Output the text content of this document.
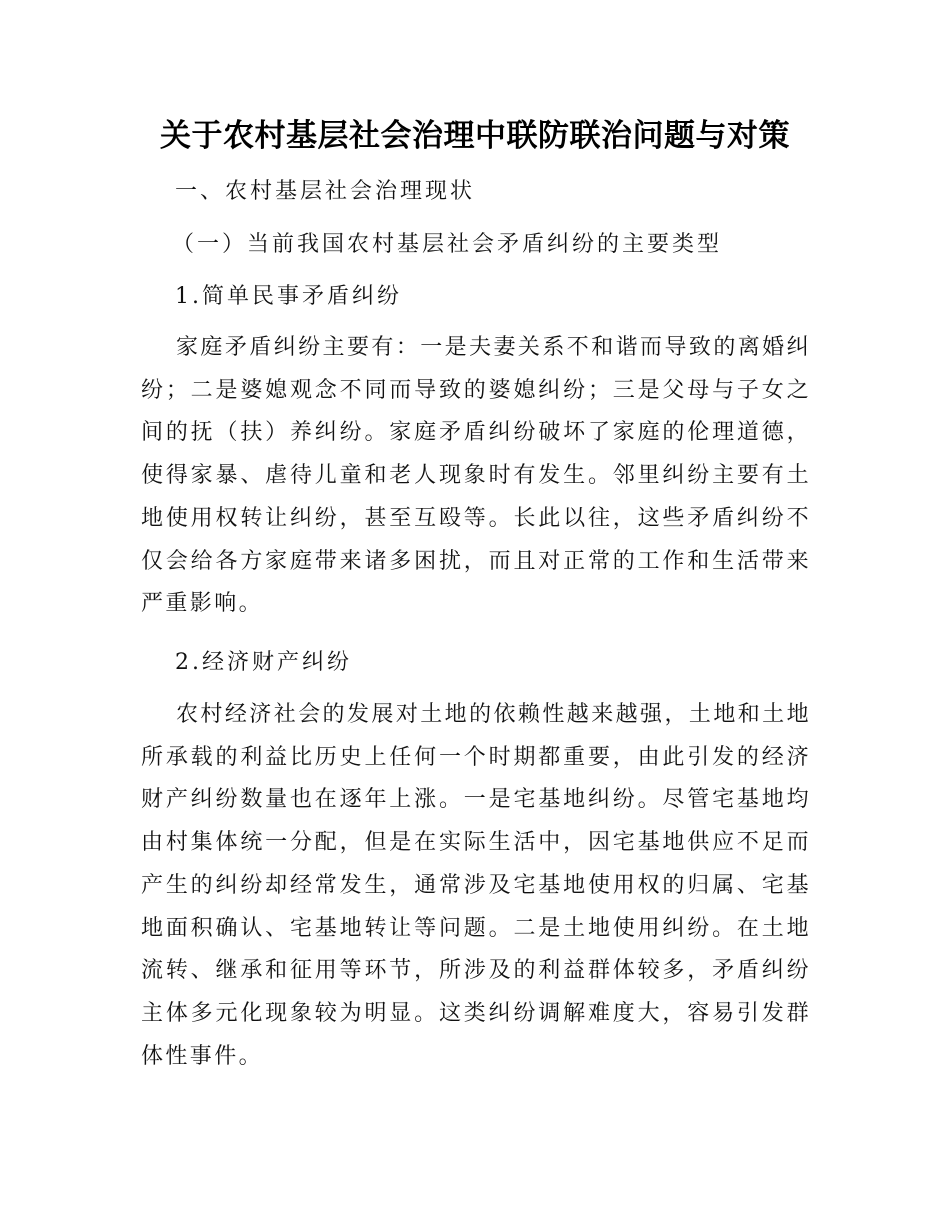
关于农村基层社会治理中联防联治问题与对策

一、农村基层社会治理现状

（一）当前我国农村基层社会矛盾纠纷的主要类型

1.简单民事矛盾纠纷

家庭矛盾纠纷主要有：一是夫妻关系不和谐而导致的离婚纠纷；二是婆媳观念不同而导致的婆媳纠纷；三是父母与子女之间的抚（扶）养纠纷。家庭矛盾纠纷破坏了家庭的伦理道德，使得家暴、虐待儿童和老人现象时有发生。邻里纠纷主要有土地使用权转让纠纷，甚至互殴等。长此以往，这些矛盾纠纷不仅会给各方家庭带来诸多困扰，而且对正常的工作和生活带来严重影响。

2.经济财产纠纷

农村经济社会的发展对土地的依赖性越来越强，土地和土地所承载的利益比历史上任何一个时期都重要，由此引发的经济财产纠纷数量也在逐年上涨。一是宅基地纠纷。尽管宅基地均由村集体统一分配，但是在实际生活中，因宅基地供应不足而产生的纠纷却经常发生，通常涉及宅基地使用权的归属、宅基地面积确认、宅基地转让等问题。二是土地使用纠纷。在土地流转、继承和征用等环节，所涉及的利益群体较多，矛盾纠纷主体多元化现象较为明显。这类纠纷调解难度大，容易引发群体性事件。
